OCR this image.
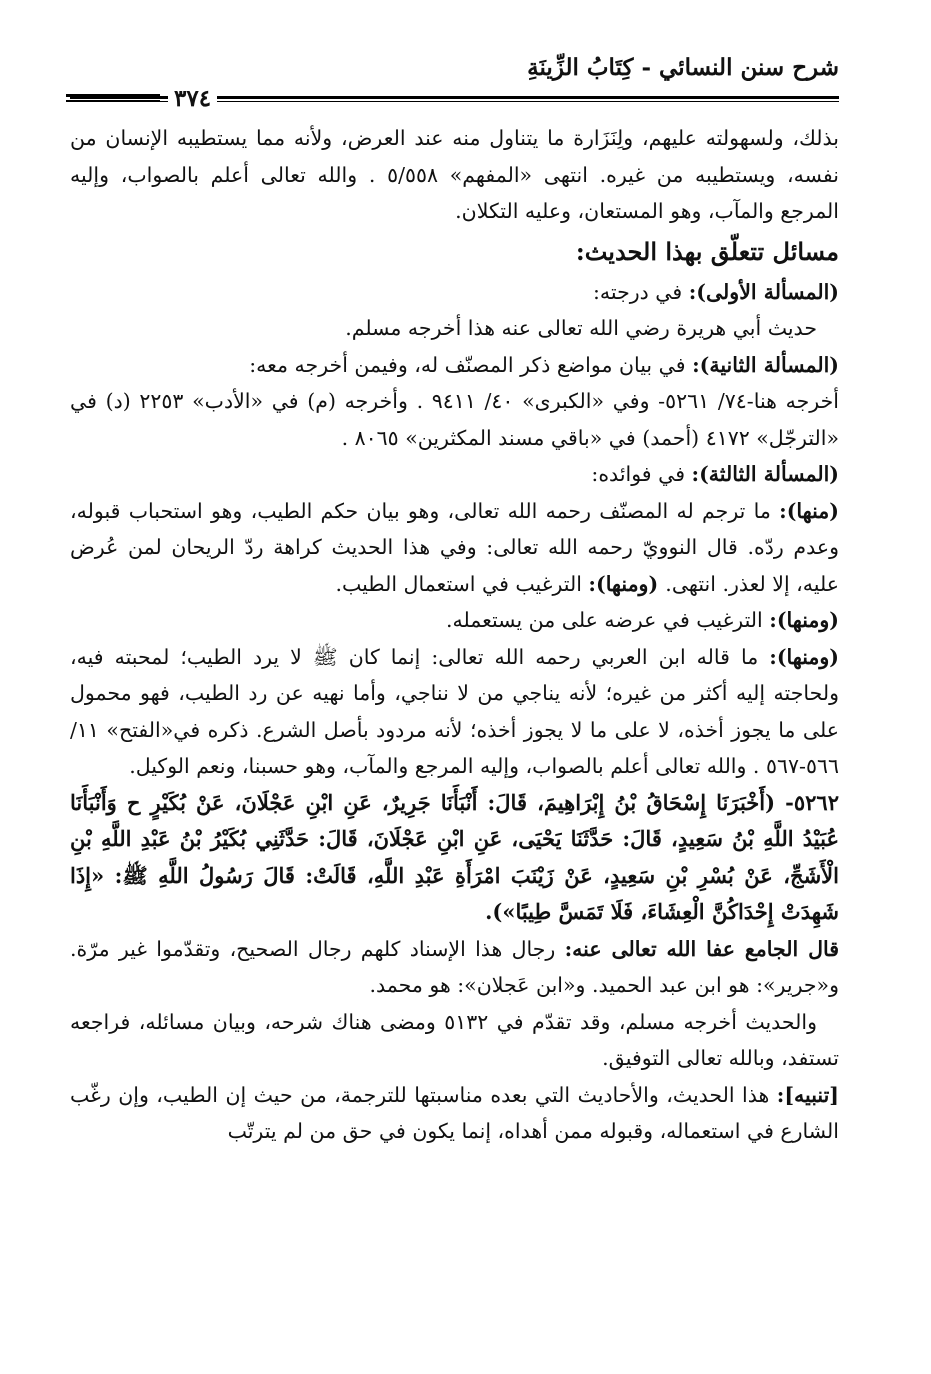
شرح سنن النسائي - كِتَابُ الزِّينَةِ
٣٧٤

بذلك، ولسهولته عليهم، ولِنَزَارة ما يتناول منه عند العرض، ولأنه مما يستطيبه الإنسان من نفسه، ويستطيبه من غيره. انتهى «المفهم» ٥/٥٥٨ . والله تعالى أعلم بالصواب، وإليه المرجع والمآب، وهو المستعان، وعليه التكلان.

مسائل تتعلّق بهذا الحديث:

(المسألة الأولى): في درجته:

حديث أبي هريرة رضي الله تعالى عنه هذا أخرجه مسلم.

(المسألة الثانية): في بيان مواضع ذكر المصنّف له، وفيمن أخرجه معه:

أخرجه هنا-٧٤/ ٥٢٦١- وفي «الكبرى» ٤٠/ ٩٤١١ . وأخرجه (م) في «الأدب» ٢٢٥٣ (د) في «الترجّل» ٤١٧٢ (أحمد) في «باقي مسند المكثرين» ٨٠٦٥ .

(المسألة الثالثة): في فوائده:

(منها): ما ترجم له المصنّف رحمه الله تعالى، وهو بيان حكم الطيب، وهو استحباب قبوله، وعدم ردّه. قال النوويّ رحمه الله تعالى: وفي هذا الحديث كراهة ردّ الريحان لمن عُرض عليه، إلا لعذر. انتهى. (ومنها): الترغيب في استعمال الطيب.

(ومنها): الترغيب في عرضه على من يستعمله.

(ومنها): ما قاله ابن العربي رحمه الله تعالى: إنما كان ﷺ لا يرد الطيب؛ لمحبته فيه، ولحاجته إليه أكثر من غيره؛ لأنه يناجي من لا نناجي، وأما نهيه عن رد الطيب، فهو محمول على ما يجوز أخذه، لا على ما لا يجوز أخذه؛ لأنه مردود بأصل الشرع. ذكره في«الفتح» ١١/ ٥٦٦-٥٦٧ . والله تعالى أعلم بالصواب، وإليه المرجع والمآب، وهو حسبنا، ونعم الوكيل.

٥٢٦٢- (أَخْبَرَنَا إِسْحَاقُ بْنُ إِبْرَاهِيمَ، قَالَ: أَنْبَأَنَا جَرِيرٌ، عَنِ ابْنِ عَجْلَانَ، عَنْ بُكَيْرٍ ح وَأَنْبَأَنَا عُبَيْدُ اللَّهِ بْنُ سَعِيدٍ، قَالَ: حَدَّثَنَا يَحْيَى، عَنِ ابْنِ عَجْلَانَ، قَالَ: حَدَّثَنِي بُكَيْرُ بْنُ عَبْدِ اللَّهِ بْنِ الْأَشَجِّ، عَنْ بُسْرِ بْنِ سَعِيدٍ، عَنْ زَيْنَبَ امْرَأَةِ عَبْدِ اللَّهِ، قَالَتْ: قَالَ رَسُولُ اللَّهِ ﷺ: «إِذَا شَهِدَتْ إِحْدَاكُنَّ الْعِشَاءَ، فَلَا تَمَسَّ طِيبًا»).

قال الجامع عفا الله تعالى عنه: رجال هذا الإسناد كلهم رجال الصحيح، وتقدّموا غير مرّة. و«جرير»: هو ابن عبد الحميد. و«ابن عَجلان»: هو محمد.

والحديث أخرجه مسلم، وقد تقدّم في ٥١٣٢ ومضى هناك شرحه، وبيان مسائله، فراجعه تستفد، وبالله تعالى التوفيق.

[تنبيه]: هذا الحديث، والأحاديث التي بعده مناسبتها للترجمة، من حيث إن الطيب، وإن رغّب الشارع في استعماله، وقبوله ممن أهداه، إنما يكون في حق من لم يترتّب
